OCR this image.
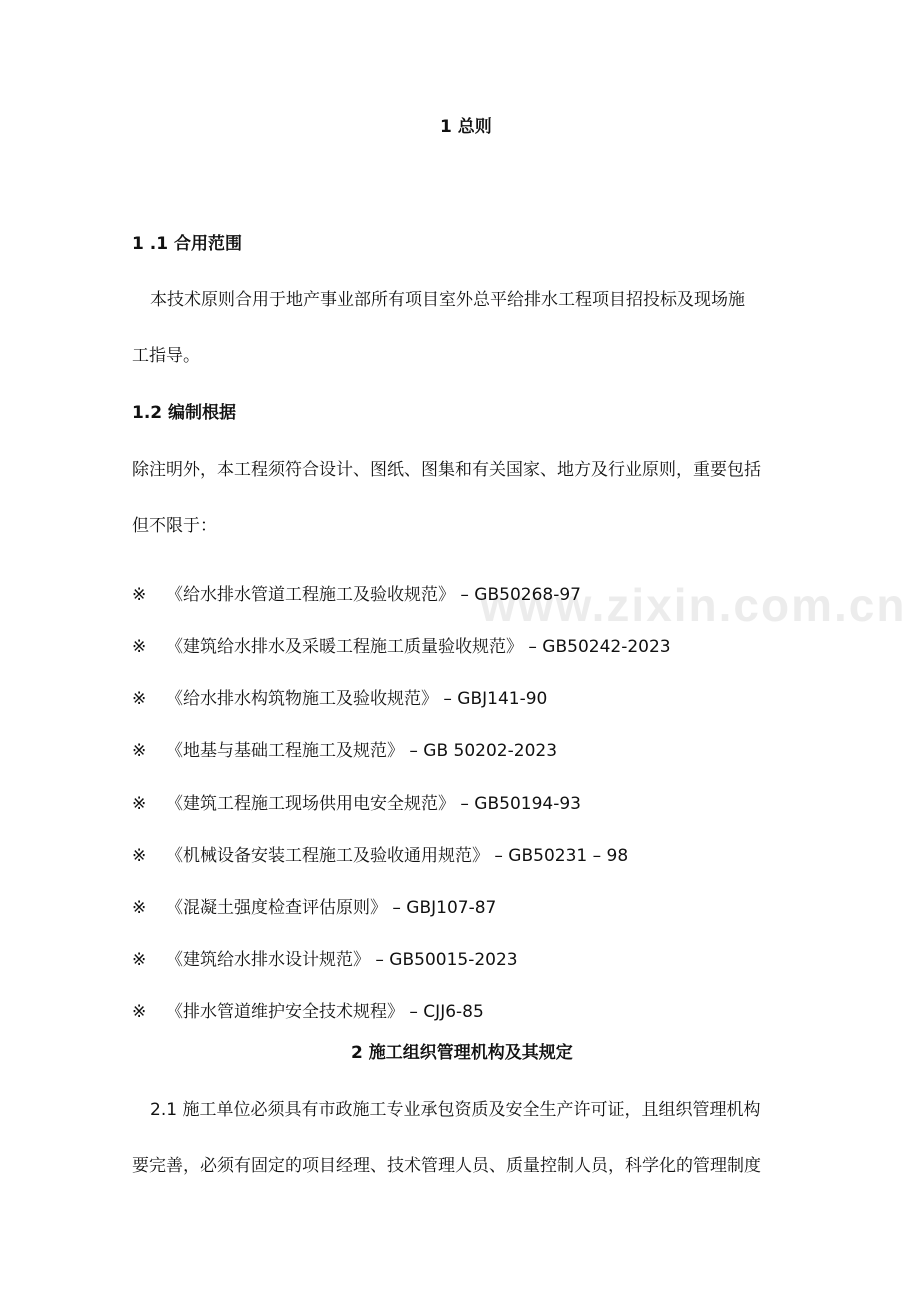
www.zixin.com.cn
1 总则
1 .1 合用范围
本技术原则合用于地产事业部所有项目室外总平给排水工程项目招投标及现场施
工指导。
1.2 编制根据
除注明外，本工程须符合设计、图纸、图集和有关国家、地方及行业原则，重要包括
但不限于：
※ 《给水排水管道工程施工及验收规范》 – GB50268-97
※ 《建筑给水排水及采暖工程施工质量验收规范》 – GB50242-2023
※ 《给水排水构筑物施工及验收规范》 – GBJ141-90
※ 《地基与基础工程施工及规范》 – GB 50202-2023
※ 《建筑工程施工现场供用电安全规范》 – GB50194-93
※ 《机械设备安装工程施工及验收通用规范》 – GB50231 – 98
※ 《混凝土强度检查评估原则》 – GBJ107-87
※ 《建筑给水排水设计规范》 – GB50015-2023
※ 《排水管道维护安全技术规程》 – CJJ6-85
2 施工组织管理机构及其规定
2.1 施工单位必须具有市政施工专业承包资质及安全生产许可证，且组织管理机构
要完善，必须有固定的项目经理、技术管理人员、质量控制人员，科学化的管理制度
